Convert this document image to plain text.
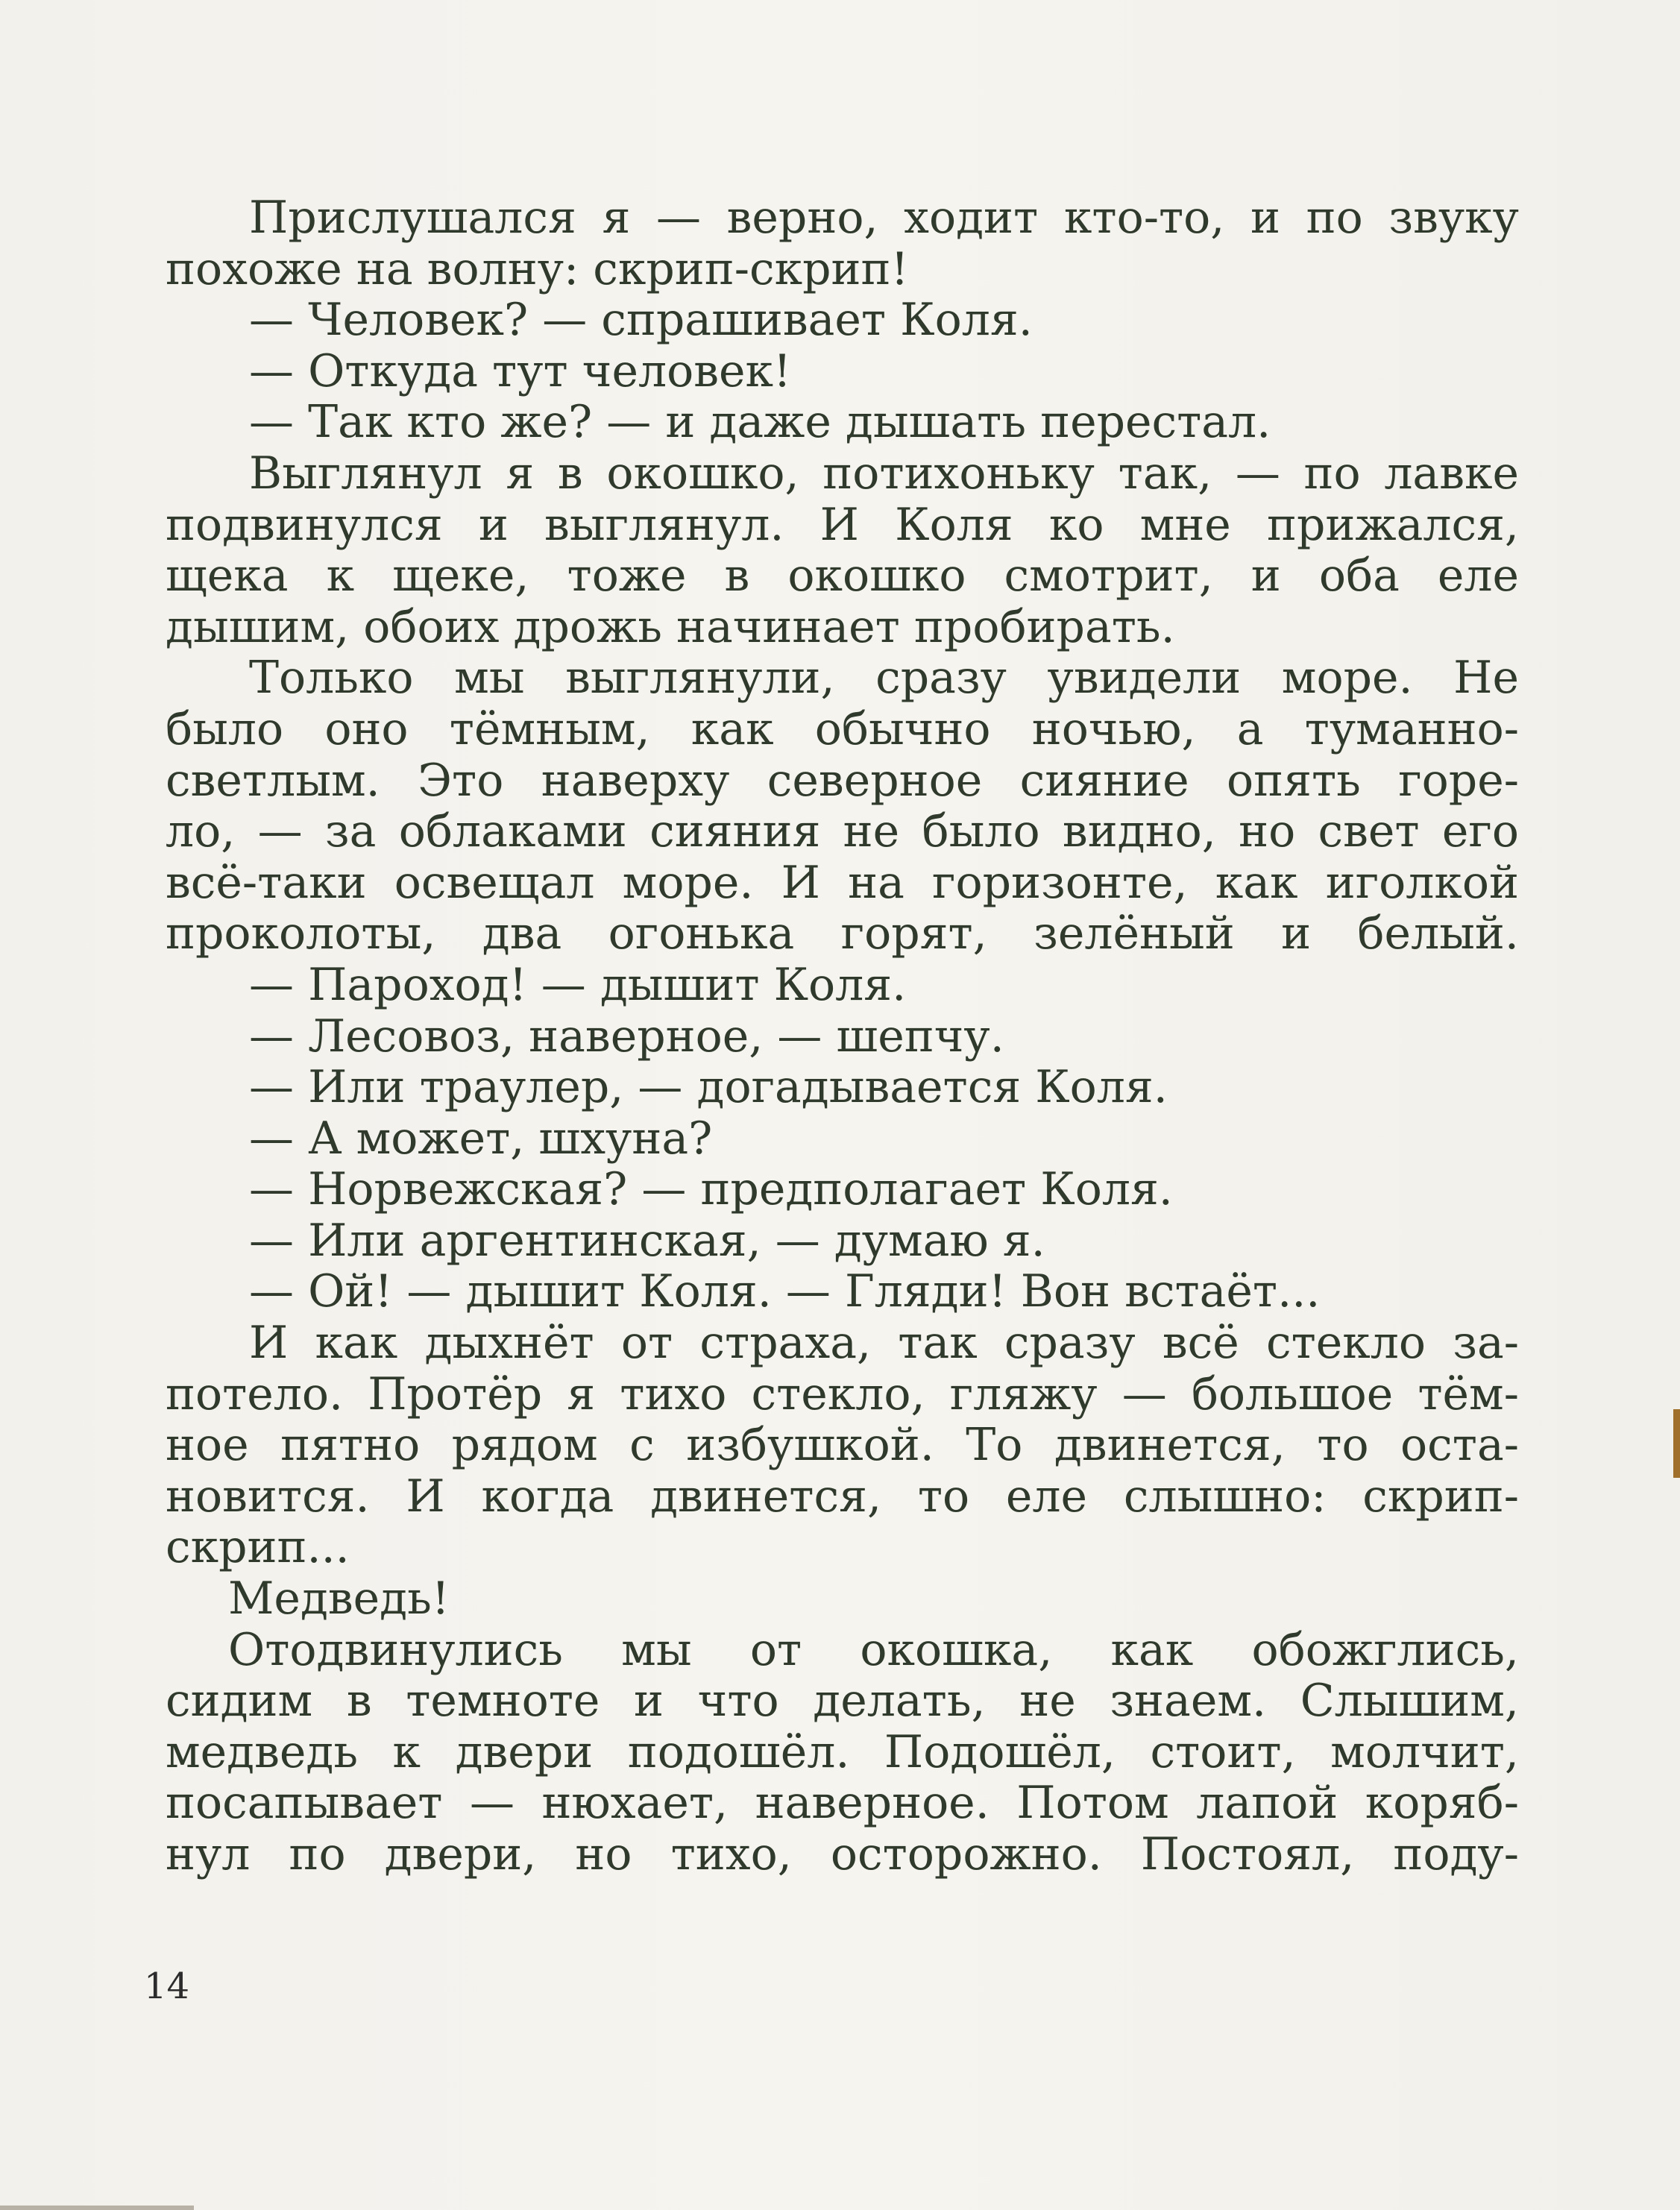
Прислушался я — верно, ходит кто-то, и по звуку
похоже на волну: скрип-скрип!
— Человек? — спрашивает Коля.
— Откуда тут человек!
— Так кто же? — и даже дышать перестал.
Выглянул я в окошко, потихоньку так, — по лавке
подвинулся и выглянул. И Коля ко мне прижался,
щека к щеке, тоже в окошко смотрит, и оба еле
дышим, обоих дрожь начинает пробирать.
Только мы выглянули, сразу увидели море. Не
было оно тёмным, как обычно ночью, а туманно-
светлым. Это наверху северное сияние опять горе-
ло, — за облаками сияния не было видно, но свет его
всё-таки освещал море. И на горизонте, как иголкой
проколоты, два огонька горят, зелёный и белый.
— Пароход! — дышит Коля.
— Лесовоз, наверное, — шепчу.
— Или траулер, — догадывается Коля.
— А может, шхуна?
— Норвежская? — предполагает Коля.
— Или аргентинская, — думаю я.
— Ой! — дышит Коля. — Гляди! Вон встаёт...
И как дыхнёт от страха, так сразу всё стекло за-
потело. Протёр я тихо стекло, гляжу — большое тём-
ное пятно рядом с избушкой. То двинется, то оста-
новится. И когда двинется, то еле слышно: скрип-
скрип...
Медведь!
Отодвинулись мы от окошка, как обожглись,
сидим в темноте и что делать, не знаем. Слышим,
медведь к двери подошёл. Подошёл, стоит, молчит,
посапывает — нюхает, наверное. Потом лапой коряб-
нул по двери, но тихо, осторожно. Постоял, поду-
14
